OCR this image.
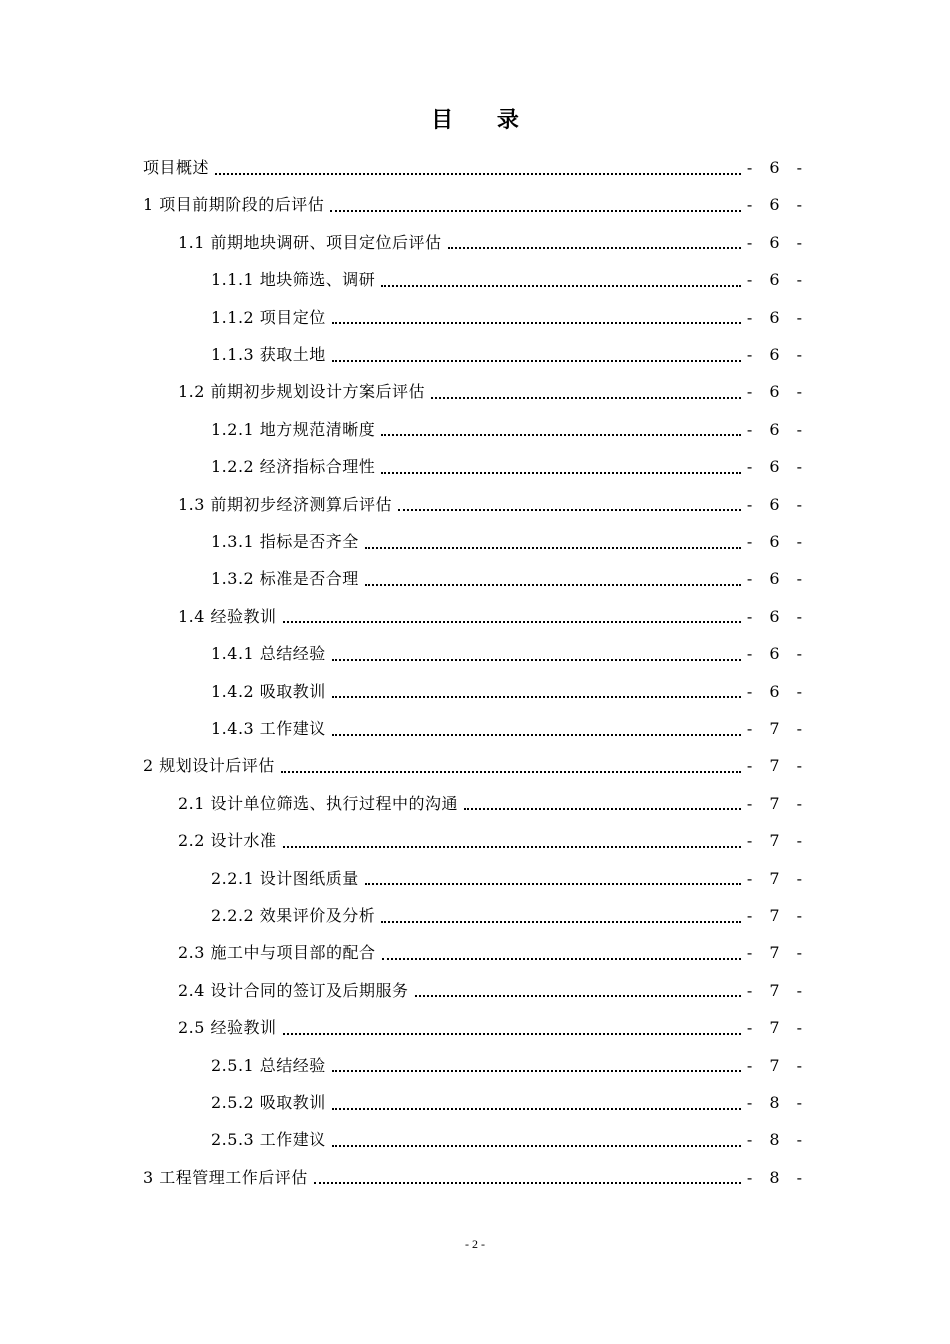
目 录
项目概述	- 6 -
1 项目前期阶段的后评估	- 6 -
1.1 前期地块调研、项目定位后评估	- 6 -
1.1.1 地块筛选、调研	- 6 -
1.1.2 项目定位	- 6 -
1.1.3 获取土地	- 6 -
1.2 前期初步规划设计方案后评估	- 6 -
1.2.1 地方规范清晰度	- 6 -
1.2.2 经济指标合理性	- 6 -
1.3 前期初步经济测算后评估	- 6 -
1.3.1 指标是否齐全	- 6 -
1.3.2 标准是否合理	- 6 -
1.4 经验教训	- 6 -
1.4.1 总结经验	- 6 -
1.4.2 吸取教训	- 6 -
1.4.3 工作建议	- 7 -
2 规划设计后评估	- 7 -
2.1 设计单位筛选、执行过程中的沟通	- 7 -
2.2 设计水准	- 7 -
2.2.1 设计图纸质量	- 7 -
2.2.2 效果评价及分析	- 7 -
2.3 施工中与项目部的配合	- 7 -
2.4 设计合同的签订及后期服务	- 7 -
2.5 经验教训	- 7 -
2.5.1 总结经验	- 7 -
2.5.2 吸取教训	- 8 -
2.5.3 工作建议	- 8 -
3 工程管理工作后评估	- 8 -
- 2 -
